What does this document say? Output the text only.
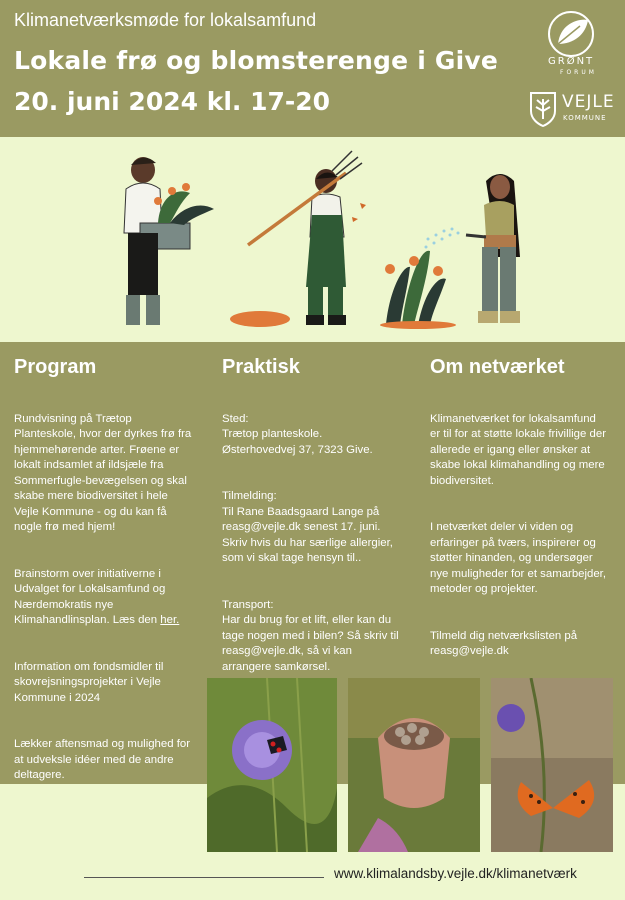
Klimanetværksmøde for lokalsamfund
Lokale frø og blomsterenge i Give
20. juni 2024 kl. 17-20
GRØNT
FORUM
VEJLE
KOMMUNE
Program

Rundvisning på Trætop Planteskole, hvor der dyrkes frø fra hjemmehørende arter. Frøene er lokalt indsamlet af ildsjæle fra Sommerfugle-bevægelsen og skal skabe mere biodiversitet i hele Vejle Kommune - og du kan få nogle frø med hjem!

Brainstorm over initiativerne i Udvalget for Lokalsamfund og Nærdemokratis nye Klimahandlinsplan. Læs den her.

Information om fondsmidler til skovrejsningsprojekter i Vejle Kommune i 2024

Lækker aftensmad og mulighed for at udveksle idéer med de andre deltagere.

Praktisk

Sted:
Trætop planteskole.
Østerhovedvej 37, 7323 Give.

Tilmelding:
Til Rane Baadsgaard Lange på reasg@vejle.dk senest 17. juni. Skriv hvis du har særlige allergier, som vi skal tage hensyn til..

Transport:
Har du brug for et lift, eller kan du tage nogen med i bilen? Så skriv til reasg@vejle.dk, så vi kan arrangere samkørsel.

Om netværket

Klimanetværket for lokalsamfund er til for at støtte lokale frivillige der allerede er igang eller ønsker at skabe lokal klimahandling og mere biodiversitet.

I netværket deler vi viden og erfaringer på tværs, inspirerer og støtter hinanden, og undersøger nye muligheder for et samarbejder, metoder og projekter.

Tilmeld dig netværkslisten på reasg@vejle.dk

www.klimalandsby.vejle.dk/klimanetværk
